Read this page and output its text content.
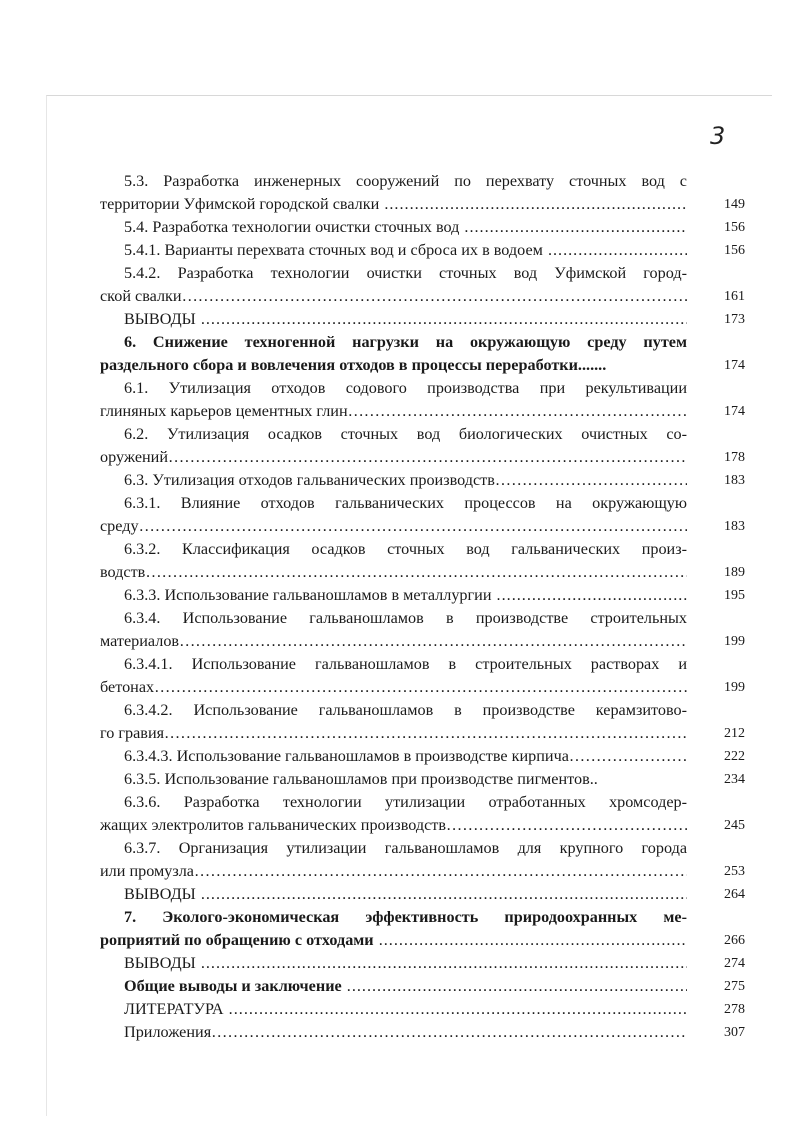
3
5.3. Разработка инженерных сооружений по перехвату сточных вод с
территории Уфимской городской свалки .....	149
5.4. Разработка технологии очистки сточных вод .....	156
5.4.1. Варианты перехвата сточных вод и сброса их в водоем .....	156
5.4.2. Разработка технологии очистки сточных вод Уфимской город-
ской свалки ……………………………………………………………………………………………………………………………………………………	161
ВЫВОДЫ .....	173
6. Снижение техногенной нагрузки на окружающую среду путем
раздельного сбора и вовлечения отходов в процессы переработки.......	174
6.1. Утилизация отходов содового производства при рекультивации
глиняных карьеров цементных глин ……………………………………………………………………………………………………………………………………………………	174
6.2. Утилизация осадков сточных вод биологических очистных со-
оружений ……………………………………………………………………………………………………………………………………………………	178
6.3. Утилизация отходов гальванических производств ……………………………………………………………………………………………………………………………………………………	183
6.3.1. Влияние отходов гальванических процессов на окружающую
среду ……………………………………………………………………………………………………………………………………………………	183
6.3.2. Классификация осадков сточных вод гальванических произ-
водств ……………………………………………………………………………………………………………………………………………………	189
6.3.3. Использование гальваношламов в металлургии .....	195
6.3.4. Использование гальваношламов в производстве строительных
материалов ……………………………………………………………………………………………………………………………………………………	199
6.3.4.1. Использование гальваношламов в строительных растворах и
бетонах ……………………………………………………………………………………………………………………………………………………	199
6.3.4.2. Использование гальваношламов в производстве керамзитово-
го гравия ……………………………………………………………………………………………………………………………………………………	212
6.3.4.3. Использование гальваношламов в производстве кирпича ……………………………………………………………………………………………………………………………………………………	222
6.3.5. Использование гальваношламов при производстве пигментов..	234
6.3.6. Разработка технологии утилизации отработанных хромсодер-
жащих электролитов гальванических производств ……………………………………………………………………………………………………………………………………………………	245
6.3.7. Организация утилизации гальваношламов для крупного города
или промузла ……………………………………………………………………………………………………………………………………………………	253
ВЫВОДЫ .....	264
7. Эколого-экономическая эффективность природоохранных ме-
роприятий по обращению с отходами .....	266
ВЫВОДЫ .....	274
Общие выводы и заключение .....	275
ЛИТЕРАТУРА .....	278
Приложения ……………………………………………………………………………………………………………………………………………………	307
